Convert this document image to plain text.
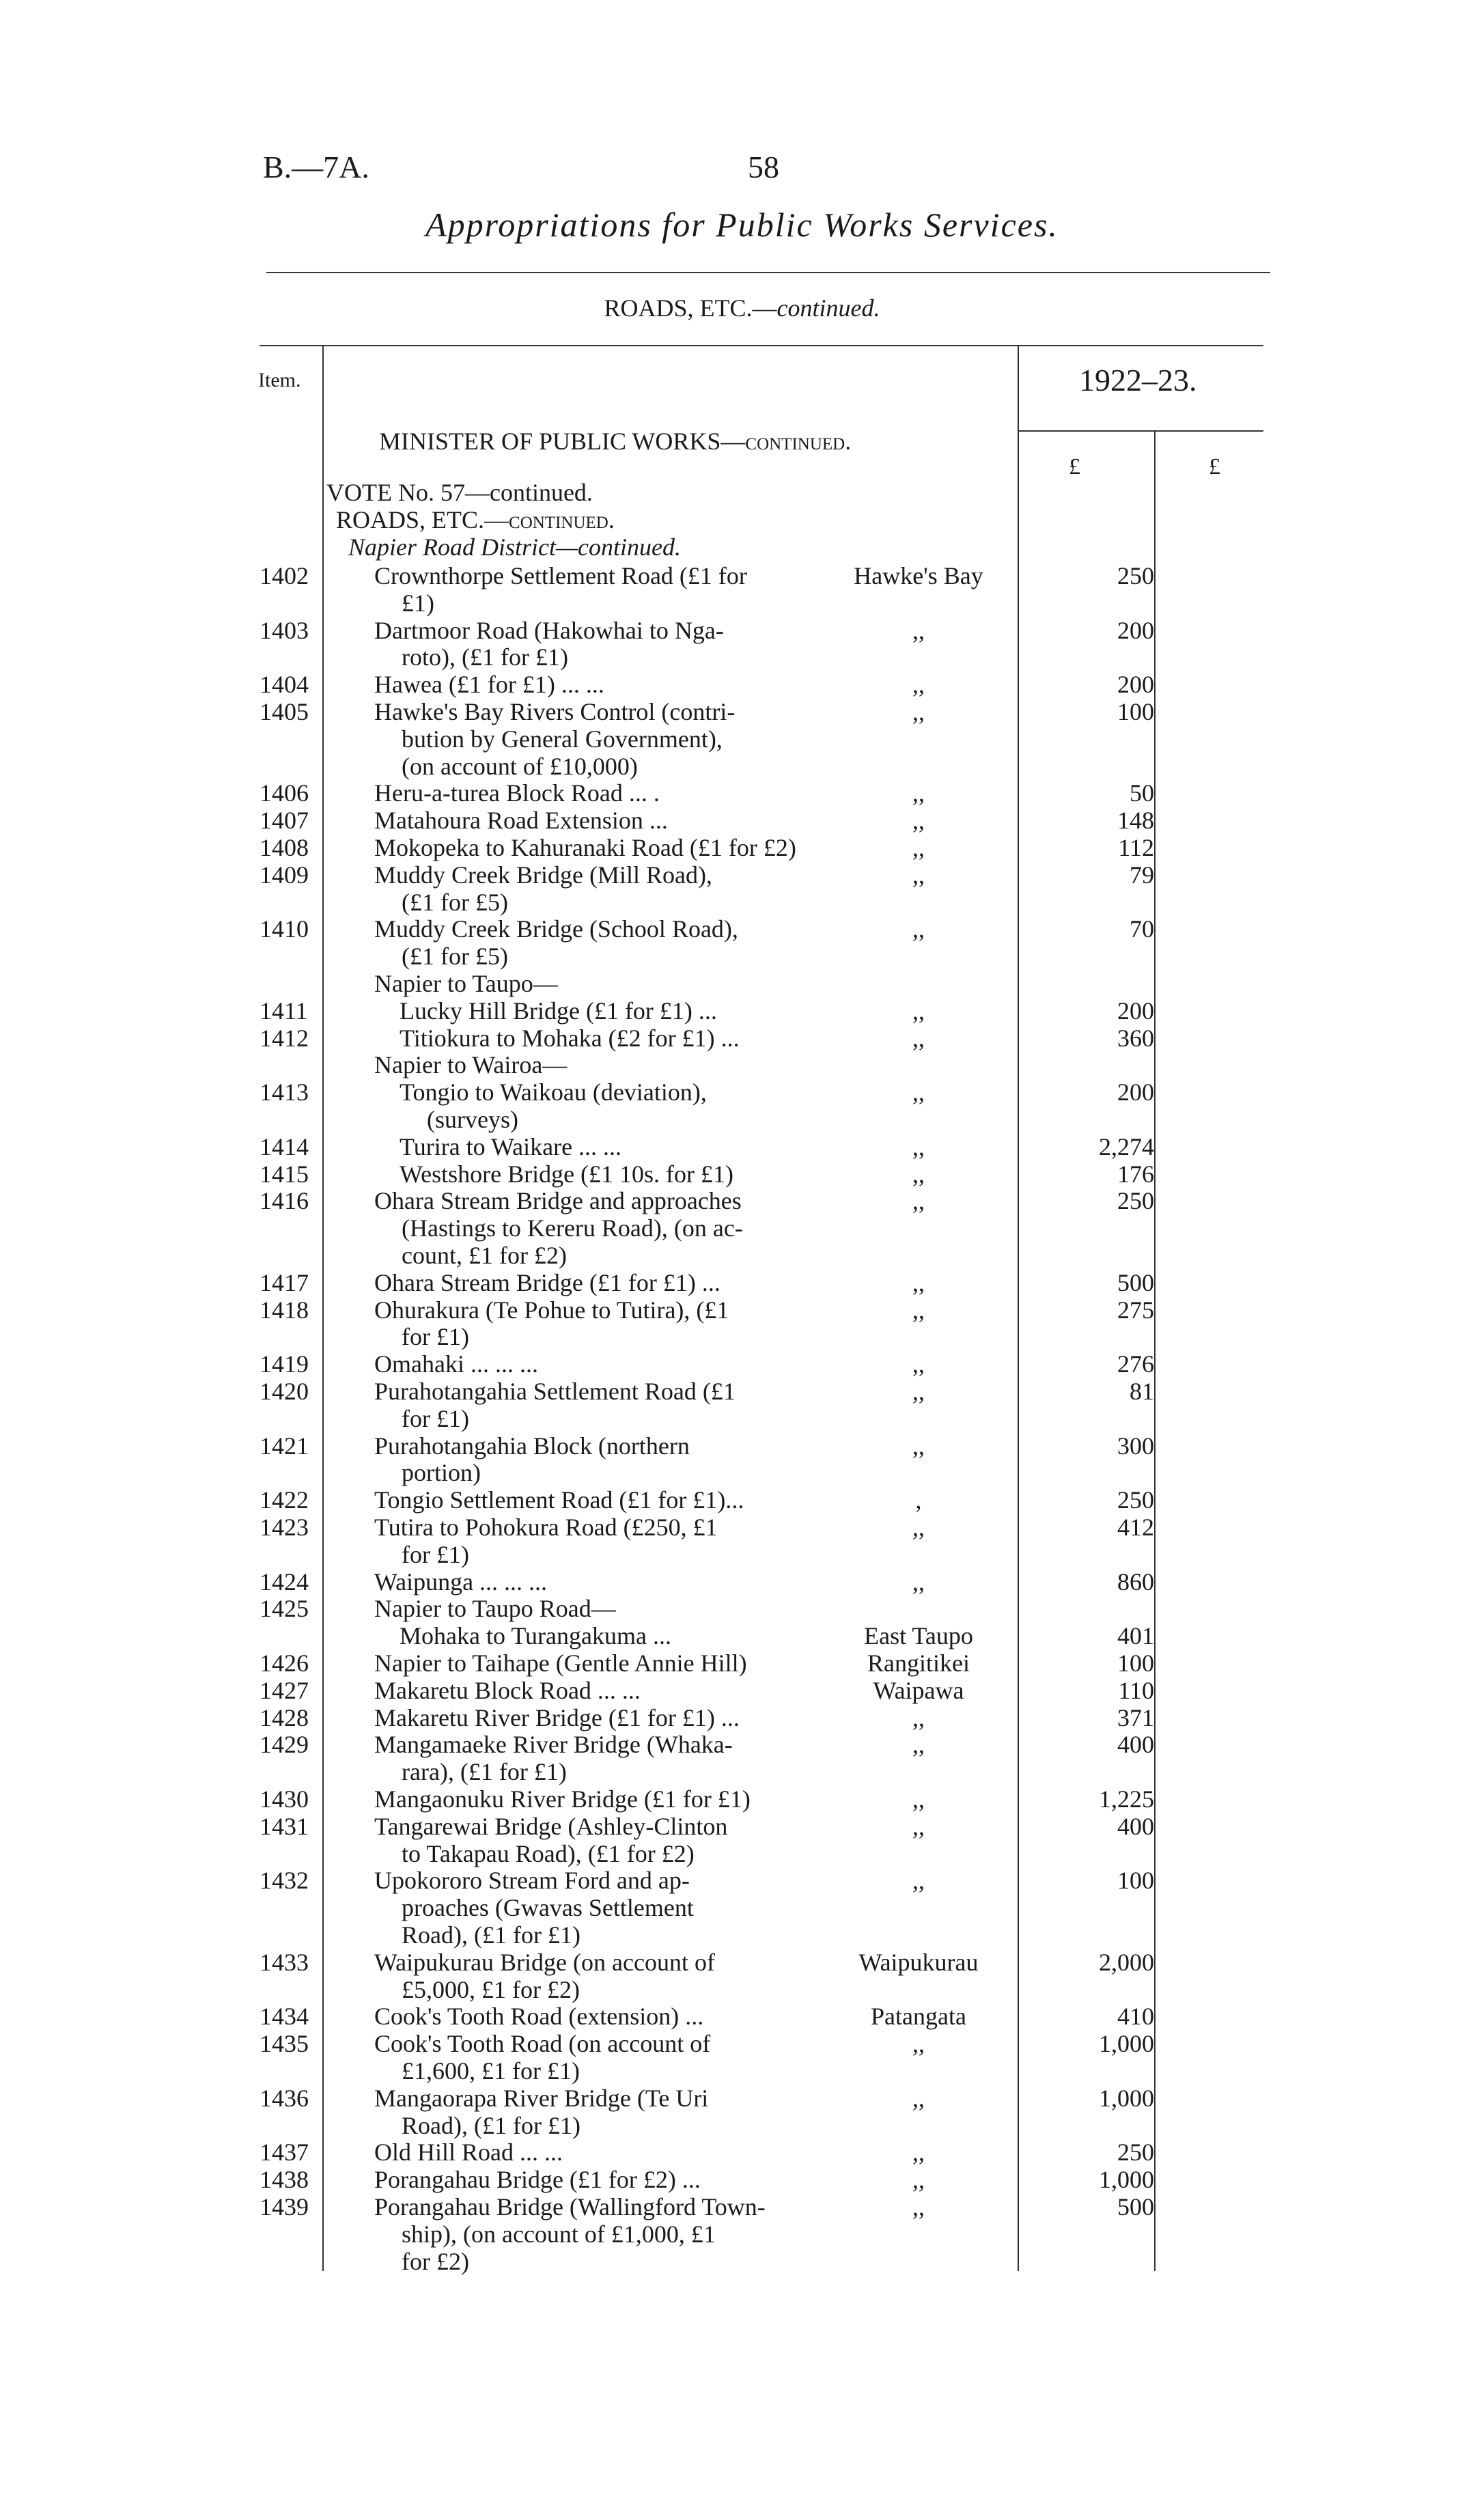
B.—7A.	58
Appropriations for Public Works Services.
ROADS, ETC.—continued.
Item.	1922–23.
£	£
MINISTER OF PUBLIC WORKS—continued.
VOTE No. 57—continued.
ROADS, ETC.—continued.
Napier Road District—continued.
1402	Crownthorpe Settlement Road (£1 for	Hawke's Bay	250
£1)
1403	Dartmoor Road (Hakowhai to Nga-	,,	200
roto), (£1 for £1)
1404	Hawea (£1 for £1) ... ...	,,	200
1405	Hawke's Bay Rivers Control (contri-	,,	100
bution by General Government),
(on account of £10,000)
1406	Heru-a-turea Block Road ... .	,,	50
1407	Matahoura Road Extension ...	,,	148
1408	Mokopeka to Kahuranaki Road (£1 for £2)	,,	112
1409	Muddy Creek Bridge (Mill Road),	,,	79
(£1 for £5)
1410	Muddy Creek Bridge (School Road),	,,	70
(£1 for £5)
Napier to Taupo—
1411	Lucky Hill Bridge (£1 for £1) ...	,,	200
1412	Titiokura to Mohaka (£2 for £1) ...	,,	360
Napier to Wairoa—
1413	Tongio to Waikoau (deviation),	,,	200
(surveys)
1414	Turira to Waikare ... ...	,,	2,274
1415	Westshore Bridge (£1 10s. for £1)	,,	176
1416	Ohara Stream Bridge and approaches	,,	250
(Hastings to Kereru Road), (on ac-
count, £1 for £2)
1417	Ohara Stream Bridge (£1 for £1) ...	,,	500
1418	Ohurakura (Te Pohue to Tutira), (£1	,,	275
for £1)
1419	Omahaki ... ... ...	,,	276
1420	Purahotangahia Settlement Road (£1	,,	81
for £1)
1421	Purahotangahia Block (northern	,,	300
portion)
1422	Tongio Settlement Road (£1 for £1)...	,	250
1423	Tutira to Pohokura Road (£250, £1	,,	412
for £1)
1424	Waipunga ... ... ...	,,	860
1425	Napier to Taupo Road—
Mohaka to Turangakuma ...	East Taupo	401
1426	Napier to Taihape (Gentle Annie Hill)	Rangitikei	100
1427	Makaretu Block Road ... ...	Waipawa	110
1428	Makaretu River Bridge (£1 for £1) ...	,,	371
1429	Mangamaeke River Bridge (Whaka-	,,	400
rara), (£1 for £1)
1430	Mangaonuku River Bridge (£1 for £1)	,,	1,225
1431	Tangarewai Bridge (Ashley-Clinton	,,	400
to Takapau Road), (£1 for £2)
1432	Upokororo Stream Ford and ap-	,,	100
proaches (Gwavas Settlement
Road), (£1 for £1)
1433	Waipukurau Bridge (on account of	Waipukurau	2,000
£5,000, £1 for £2)
1434	Cook's Tooth Road (extension) ...	Patangata	410
1435	Cook's Tooth Road (on account of	,,	1,000
£1,600, £1 for £1)
1436	Mangaorapa River Bridge (Te Uri	,,	1,000
Road), (£1 for £1)
1437	Old Hill Road ... ...	,,	250
1438	Porangahau Bridge (£1 for £2) ...	,,	1,000
1439	Porangahau Bridge (Wallingford Town-	,,	500
ship), (on account of £1,000, £1
for £2)
